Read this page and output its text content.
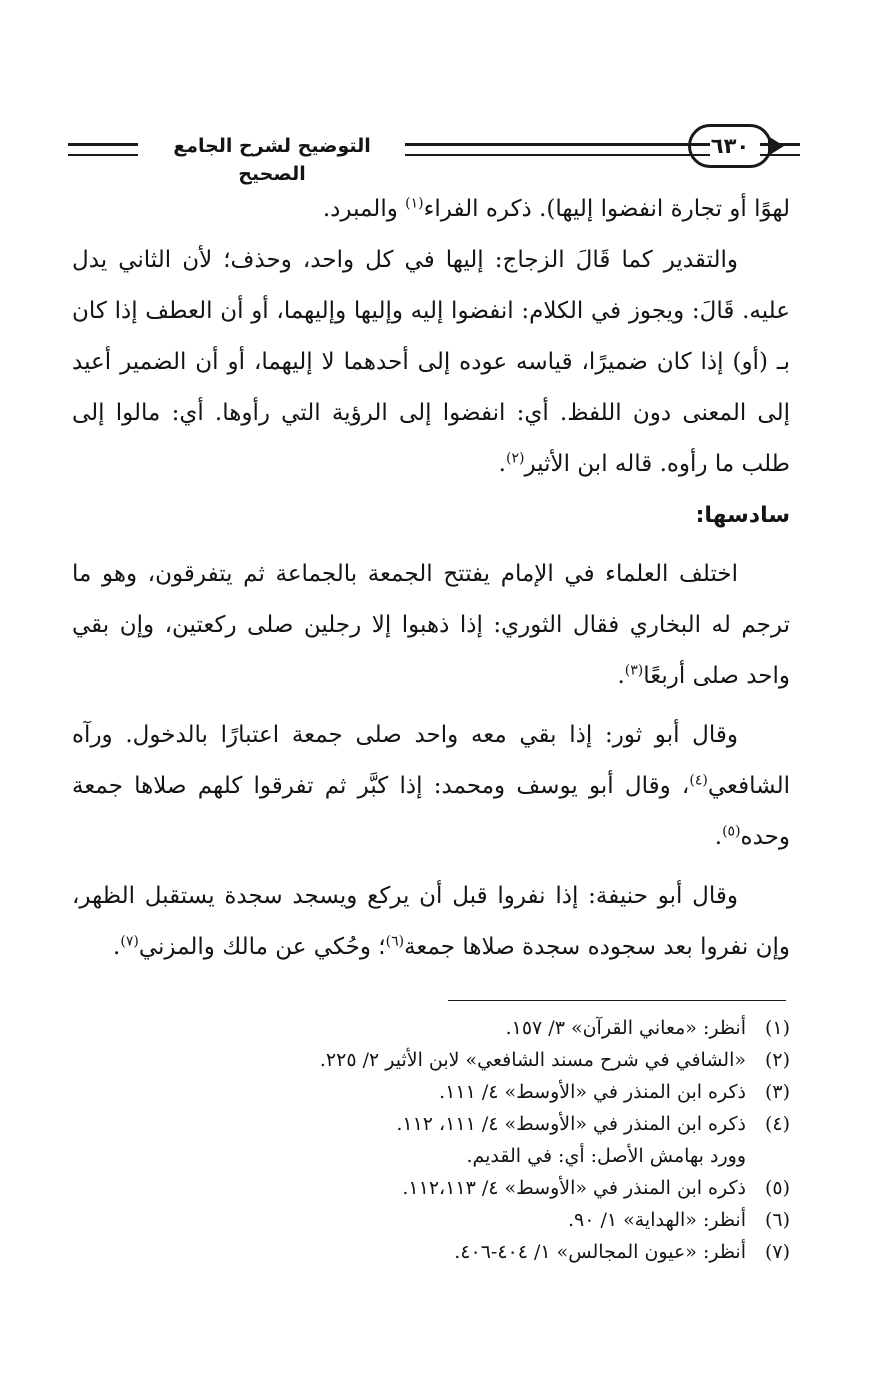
التوضيح لشرح الجامع الصحيح
٦٣٠

لهوًا أو تجارة انفضوا إليها). ذكره الفراء$^{(١)}$ والمبرد.

والتقدير كما قَالَ الزجاج: إليها في كل واحد، وحذف؛ لأن الثاني يدل عليه. قَالَ: ويجوز في الكلام: انفضوا إليه وإليها وإليهما، أو أن العطف إذا كان بـ (أو) إذا كان ضميرًا، قياسه عوده إلى أحدهما لا إليهما، أو أن الضمير أعيد إلى المعنى دون اللفظ. أي: انفضوا إلى الرؤية التي رأوها. أي: مالوا إلى طلب ما رأوه. قاله ابن الأثير$^{(٢)}$.

سادسها:

اختلف العلماء في الإمام يفتتح الجمعة بالجماعة ثم يتفرقون، وهو ما ترجم له البخاري فقال الثوري: إذا ذهبوا إلا رجلين صلى ركعتين، وإن بقي واحد صلى أربعًا$^{(٣)}$.

وقال أبو ثور: إذا بقي معه واحد صلى جمعة اعتبارًا بالدخول. ورآه الشافعي$^{(٤)}$، وقال أبو يوسف ومحمد: إذا كبَّر ثم تفرقوا كلهم صلاها جمعة وحده$^{(٥)}$.

وقال أبو حنيفة: إذا نفروا قبل أن يركع ويسجد سجدة يستقبل الظهر، وإن نفروا بعد سجوده سجدة صلاها جمعة$^{(٦)}$؛ وحُكي عن مالك والمزني$^{(٧)}$.

(١)
أنظر: «معاني القرآن» ٣/ ١٥٧.
(٢)
«الشافي في شرح مسند الشافعي» لابن الأثير ٢/ ٢٢٥.
(٣)
ذكره ابن المنذر في «الأوسط» ٤/ ١١١.
(٤)
ذكره ابن المنذر في «الأوسط» ٤/ ١١١، ١١٢.
وورد بهامش الأصل: أي: في القديم.
(٥)
ذكره ابن المنذر في «الأوسط» ٤/ ١١٢،١١٣.
(٦)
أنظر: «الهداية» ١/ ٩٠.
(٧)
أنظر: «عيون المجالس» ١/ ٤٠٤-٤٠٦.
